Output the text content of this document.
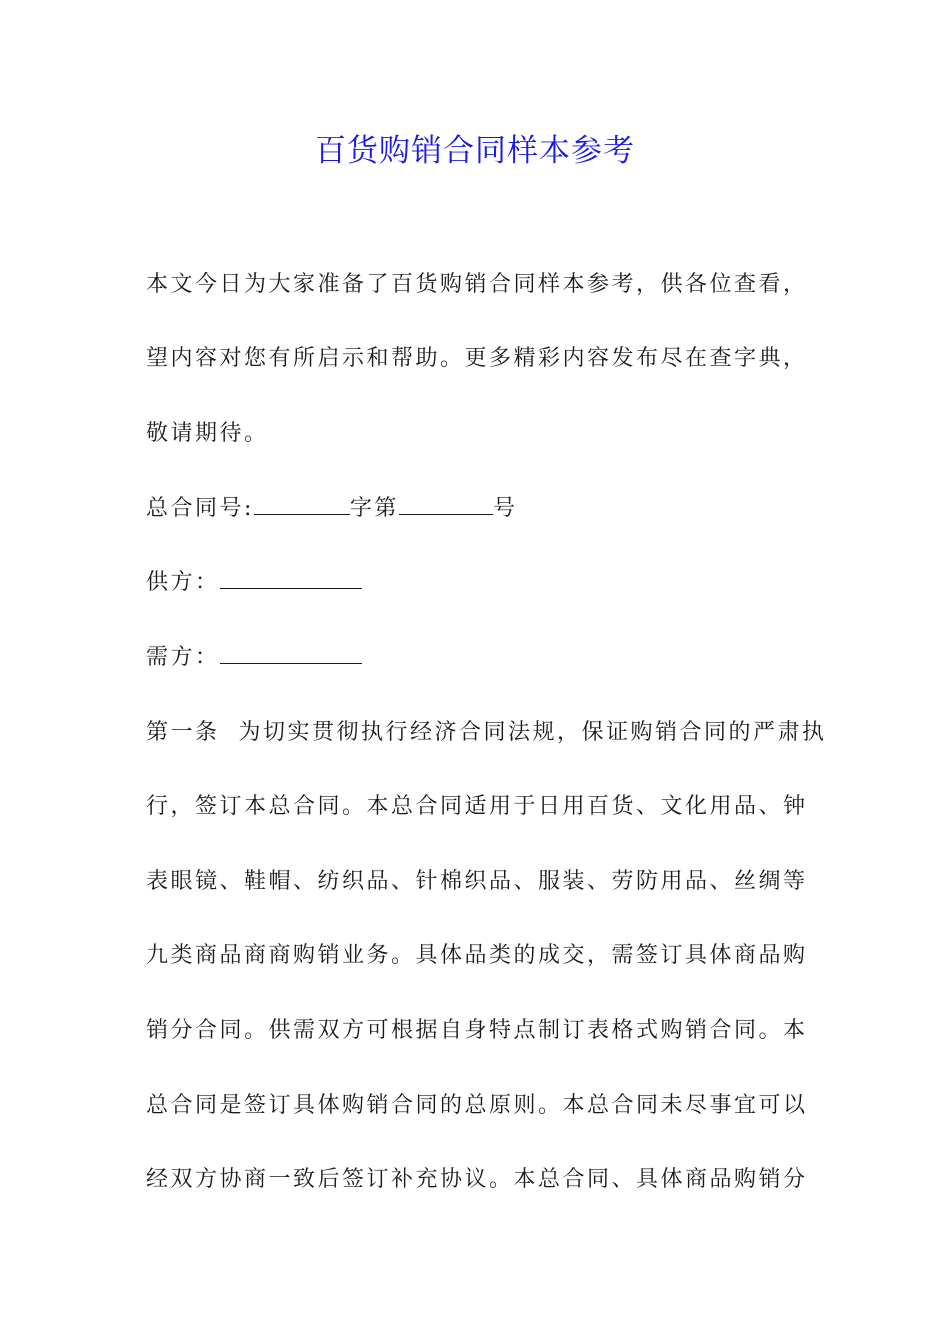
百货购销合同样本参考
本文今日为大家准备了百货购销合同样本参考，供各位查看，
望内容对您有所启示和帮助。更多精彩内容发布尽在查字典，
敬请期待。
总合同号:	字第	号
供方：
需方：
第一条  为切实贯彻执行经济合同法规，保证购销合同的严肃执
行，签订本总合同。本总合同适用于日用百货、文化用品、钟
表眼镜、鞋帽、纺织品、针棉织品、服装、劳防用品、丝绸等
九类商品商商购销业务。具体品类的成交，需签订具体商品购
销分合同。供需双方可根据自身特点制订表格式购销合同。本
总合同是签订具体购销合同的总原则。本总合同未尽事宜可以
经双方协商一致后签订补充协议。本总合同、具体商品购销分
